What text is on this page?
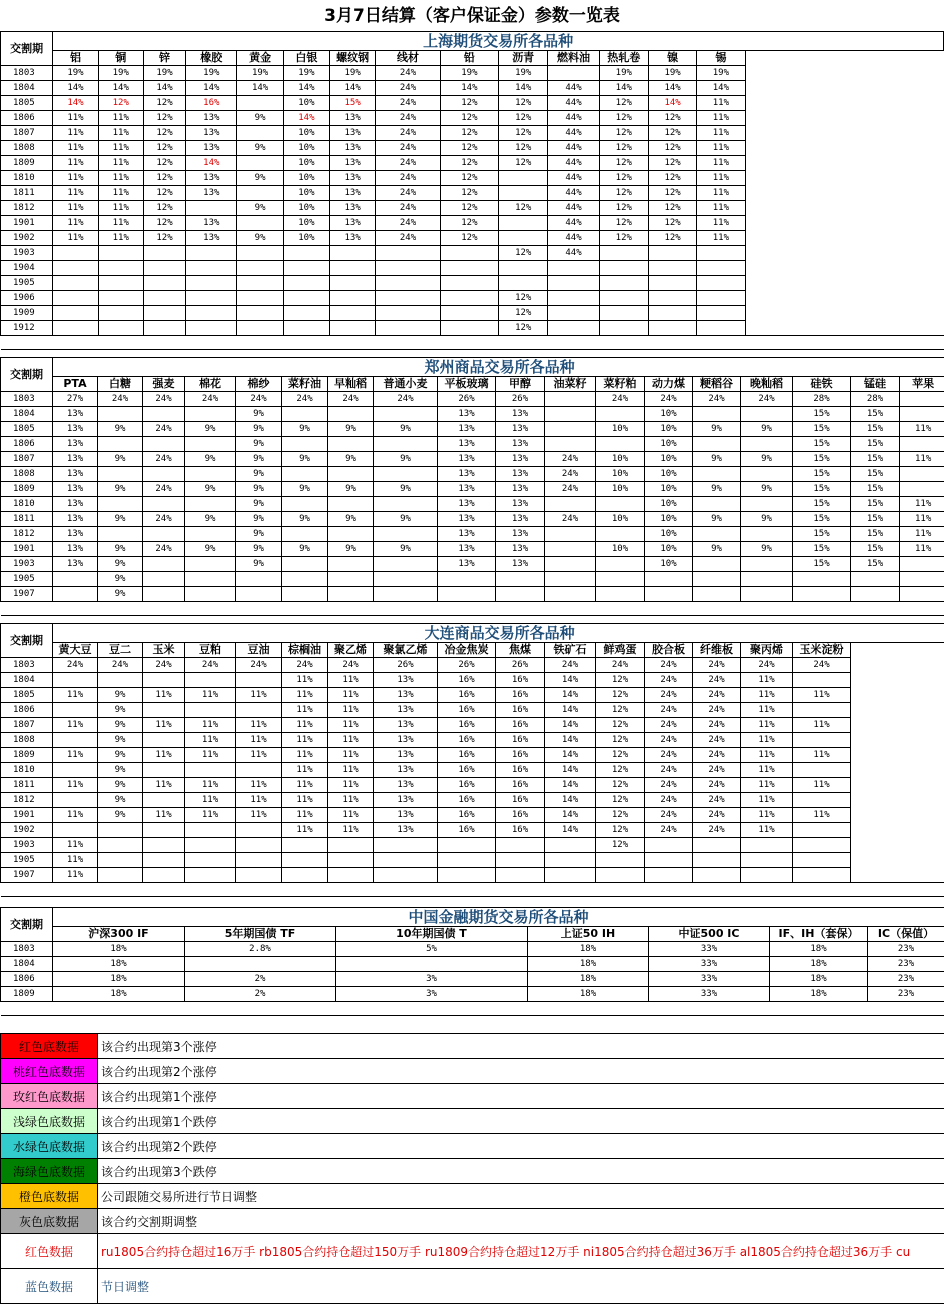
3月7日结算（客户保证金）参数一览表
交割期	上海期货交易所各品种														
	铝	铜	锌	橡胶	黄金	白银	螺纹钢	线材	铅	沥青	燃料油	热轧卷	镍	锡	
1803	19%	19%	19%	19%	19%	19%	19%	24%	19%	19%		19%	19%	19%	
1804	14%	14%	14%	14%	14%	14%	14%	24%	14%	14%	44%	14%	14%	14%	
1805	14%	12%	12%	16%		10%	15%	24%	12%	12%	44%	12%	14%	11%	
1806	11%	11%	12%	13%	9%	14%	13%	24%	12%	12%	44%	12%	12%	11%	
1807	11%	11%	12%	13%		10%	13%	24%	12%	12%	44%	12%	12%	11%	
1808	11%	11%	12%	13%	9%	10%	13%	24%	12%	12%	44%	12%	12%	11%	
1809	11%	11%	12%	14%		10%	13%	24%	12%	12%	44%	12%	12%	11%	
1810	11%	11%	12%	13%	9%	10%	13%	24%	12%		44%	12%	12%	11%	
1811	11%	11%	12%	13%		10%	13%	24%	12%		44%	12%	12%	11%	
1812	11%	11%	12%		9%	10%	13%	24%	12%	12%	44%	12%	12%	11%	
1901	11%	11%	12%	13%		10%	13%	24%	12%		44%	12%	12%	11%	
1902	11%	11%	12%	13%	9%	10%	13%	24%	12%		44%	12%	12%	11%	
1903										12%	44%				
1904															
1905															
1906										12%					
1909										12%					
1912										12%					

交割期	郑州商品交易所各品种																	
	PTA	白糖	强麦	棉花	棉纱	菜籽油	早籼稻	普通小麦	平板玻璃	甲醇	油菜籽	菜籽粕	动力煤	粳稻谷	晚籼稻	硅铁	锰硅	苹果
1803	27%	24%	24%	24%	24%	24%	24%	24%	26%	26%		24%	24%	24%	24%	28%	28%	
1804	13%				9%				13%	13%			10%			15%	15%	
1805	13%	9%	24%	9%	9%	9%	9%	9%	13%	13%		10%	10%	9%	9%	15%	15%	11%
1806	13%				9%				13%	13%			10%			15%	15%	
1807	13%	9%	24%	9%	9%	9%	9%	9%	13%	13%	24%	10%	10%	9%	9%	15%	15%	11%
1808	13%				9%				13%	13%	24%	10%	10%			15%	15%	
1809	13%	9%	24%	9%	9%	9%	9%	9%	13%	13%	24%	10%	10%	9%	9%	15%	15%	
1810	13%				9%				13%	13%			10%			15%	15%	11%
1811	13%	9%	24%	9%	9%	9%	9%	9%	13%	13%	24%	10%	10%	9%	9%	15%	15%	11%
1812	13%				9%				13%	13%			10%			15%	15%	11%
1901	13%	9%	24%	9%	9%	9%	9%	9%	13%	13%		10%	10%	9%	9%	15%	15%	11%
1903	13%	9%			9%				13%	13%			10%			15%	15%	
1905		9%																
1907		9%																

交割期	大连商品交易所各品种																
	黄大豆	豆二	玉米	豆粕	豆油	棕榈油	聚乙烯	聚氯乙烯	冶金焦炭	焦煤	铁矿石	鲜鸡蛋	胶合板	纤维板	聚丙烯	玉米淀粉	
1803	24%	24%	24%	24%	24%	24%	24%	26%	26%	26%	24%	24%	24%	24%	24%	24%	
1804						11%	11%	13%	16%	16%	14%	12%	24%	24%	11%		
1805	11%	9%	11%	11%	11%	11%	11%	13%	16%	16%	14%	12%	24%	24%	11%	11%	
1806		9%				11%	11%	13%	16%	16%	14%	12%	24%	24%	11%		
1807	11%	9%	11%	11%	11%	11%	11%	13%	16%	16%	14%	12%	24%	24%	11%	11%	
1808		9%		11%	11%	11%	11%	13%	16%	16%	14%	12%	24%	24%	11%		
1809	11%	9%	11%	11%	11%	11%	11%	13%	16%	16%	14%	12%	24%	24%	11%	11%	
1810		9%				11%	11%	13%	16%	16%	14%	12%	24%	24%	11%		
1811	11%	9%	11%	11%	11%	11%	11%	13%	16%	16%	14%	12%	24%	24%	11%	11%	
1812		9%		11%	11%	11%	11%	13%	16%	16%	14%	12%	24%	24%	11%		
1901	11%	9%	11%	11%	11%	11%	11%	13%	16%	16%	14%	12%	24%	24%	11%	11%	
1902						11%	11%	13%	16%	16%	14%	12%	24%	24%	11%		
1903	11%											12%					
1905	11%																
1907	11%																

交割期	中国金融期货交易所各品种						
	沪深300 IF	5年期国债 TF	10年期国债 T	上证50 IH	中证500 IC	IF、IH（套保）	IC（保值）
1803	18%	2.8%	5%	18%	33%	18%	23%
1804	18%			18%	33%	18%	23%
1806	18%	2%	3%	18%	33%	18%	23%
1809	18%	2%	3%	18%	33%	18%	23%

红色底数据	该合约出现第3个涨停
桃红色底数据	该合约出现第2个涨停
玫红色底数据	该合约出现第1个涨停
浅绿色底数据	该合约出现第1个跌停
水绿色底数据	该合约出现第2个跌停
海绿色底数据	该合约出现第3个跌停
橙色底数据	公司跟随交易所进行节日调整
灰色底数据	该合约交割期调整
红色数据	ru1805合约持仓超过16万手 rb1805合约持仓超过150万手 ru1809合约持仓超过12万手 ni1805合约持仓超过36万手 al1805合约持仓超过36万手 cu
蓝色数据	节日调整
